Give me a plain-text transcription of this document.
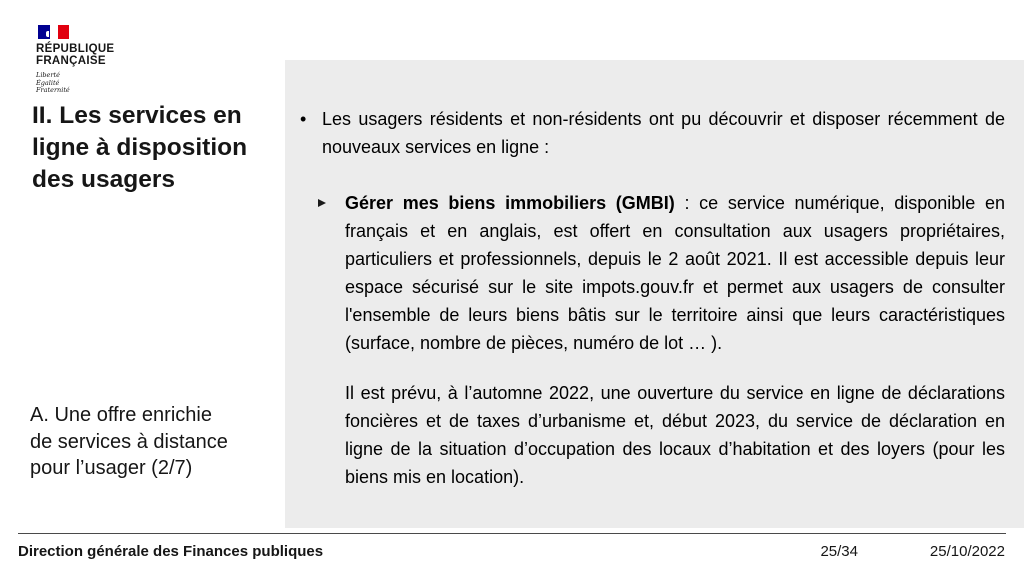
RÉPUBLIQUE
FRANÇAISE
Liberté
Égalité
Fraternité
II. Les services en
ligne à disposition
des usagers
A. Une offre enrichie
de services à distance
pour l’usager (2/7)
• Les usagers résidents et non-résidents ont pu découvrir et disposer récemment de nouveaux services en ligne :

Gérer mes biens immobiliers (GMBI) : ce service numérique, disponible en français et en anglais, est offert en consultation aux usagers propriétaires, particuliers et professionnels, depuis le 2 août 2021. Il est accessible depuis leur espace sécurisé sur le site impots.gouv.fr et permet aux usagers de consulter l'ensemble de leurs biens bâtis sur le territoire ainsi que leurs caractéristiques (surface, nombre de pièces, numéro de lot … ).

Il est prévu, à l’automne 2022, une ouverture du service en ligne de déclarations foncières et de taxes d’urbanisme et, début 2023, du service de déclaration en ligne de la situation d’occupation des locaux d’habitation et des loyers (pour les biens mis en location).

Direction générale des Finances publiques	25/34	25/10/2022
